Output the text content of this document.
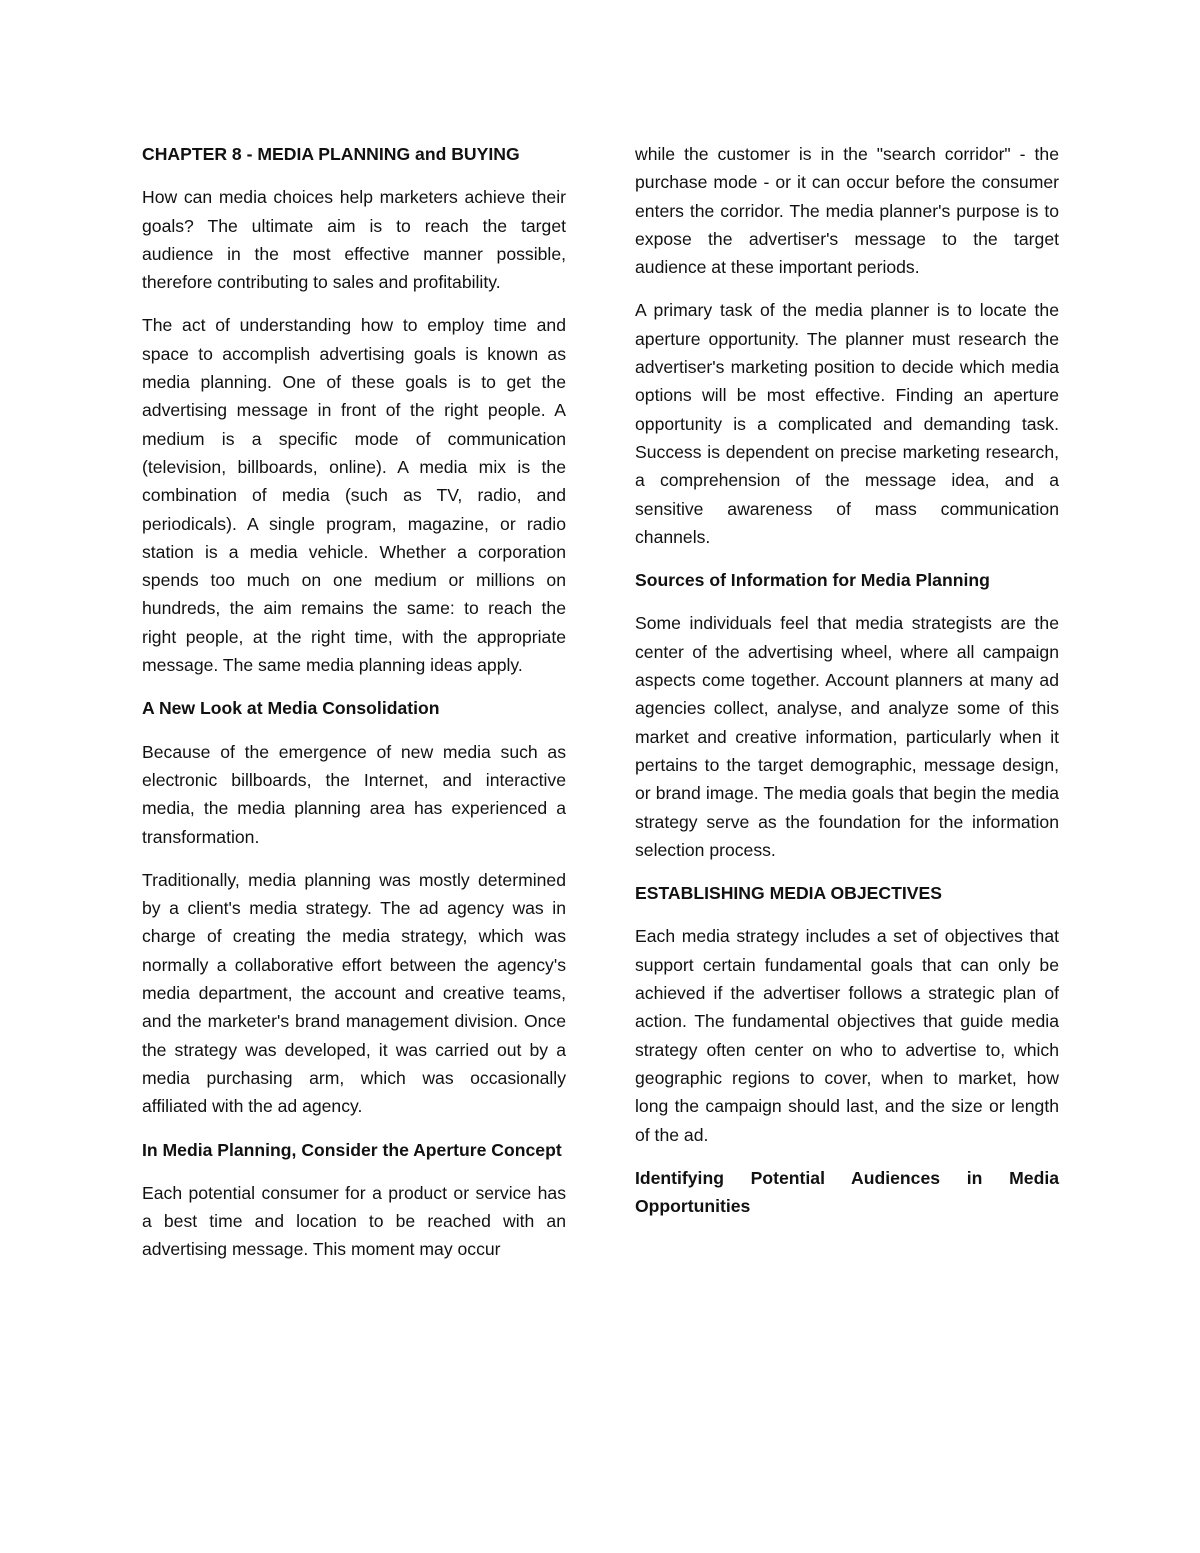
CHAPTER 8 - MEDIA PLANNING and BUYING

How can media choices help marketers achieve their goals? The ultimate aim is to reach the target audience in the most effective manner possible, therefore contributing to sales and profitability.

The act of understanding how to employ time and space to accomplish advertising goals is known as media planning. One of these goals is to get the advertising message in front of the right people. A medium is a specific mode of communication (television, billboards, online). A media mix is the combination of media (such as TV, radio, and periodicals). A single program, magazine, or radio station is a media vehicle. Whether a corporation spends too much on one medium or millions on hundreds, the aim remains the same: to reach the right people, at the right time, with the appropriate message. The same media planning ideas apply.

A New Look at Media Consolidation

Because of the emergence of new media such as electronic billboards, the Internet, and interactive media, the media planning area has experienced a transformation.

Traditionally, media planning was mostly determined by a client's media strategy. The ad agency was in charge of creating the media strategy, which was normally a collaborative effort between the agency's media department, the account and creative teams, and the marketer's brand management division. Once the strategy was developed, it was carried out by a media purchasing arm, which was occasionally affiliated with the ad agency.

In Media Planning, Consider the Aperture Concept

Each potential consumer for a product or service has a best time and location to be reached with an advertising message. This moment may occur

while the customer is in the "search corridor" - the purchase mode - or it can occur before the consumer enters the corridor. The media planner's purpose is to expose the advertiser's message to the target audience at these important periods.

A primary task of the media planner is to locate the aperture opportunity. The planner must research the advertiser's marketing position to decide which media options will be most effective. Finding an aperture opportunity is a complicated and demanding task. Success is dependent on precise marketing research, a comprehension of the message idea, and a sensitive awareness of mass communication channels.

Sources of Information for Media Planning

Some individuals feel that media strategists are the center of the advertising wheel, where all campaign aspects come together. Account planners at many ad agencies collect, analyse, and analyze some of this market and creative information, particularly when it pertains to the target demographic, message design, or brand image. The media goals that begin the media strategy serve as the foundation for the information selection process.

ESTABLISHING MEDIA OBJECTIVES

Each media strategy includes a set of objectives that support certain fundamental goals that can only be achieved if the advertiser follows a strategic plan of action. The fundamental objectives that guide media strategy often center on who to advertise to, which geographic regions to cover, when to market, how long the campaign should last, and the size or length of the ad.

Identifying Potential Audiences in Media Opportunities
